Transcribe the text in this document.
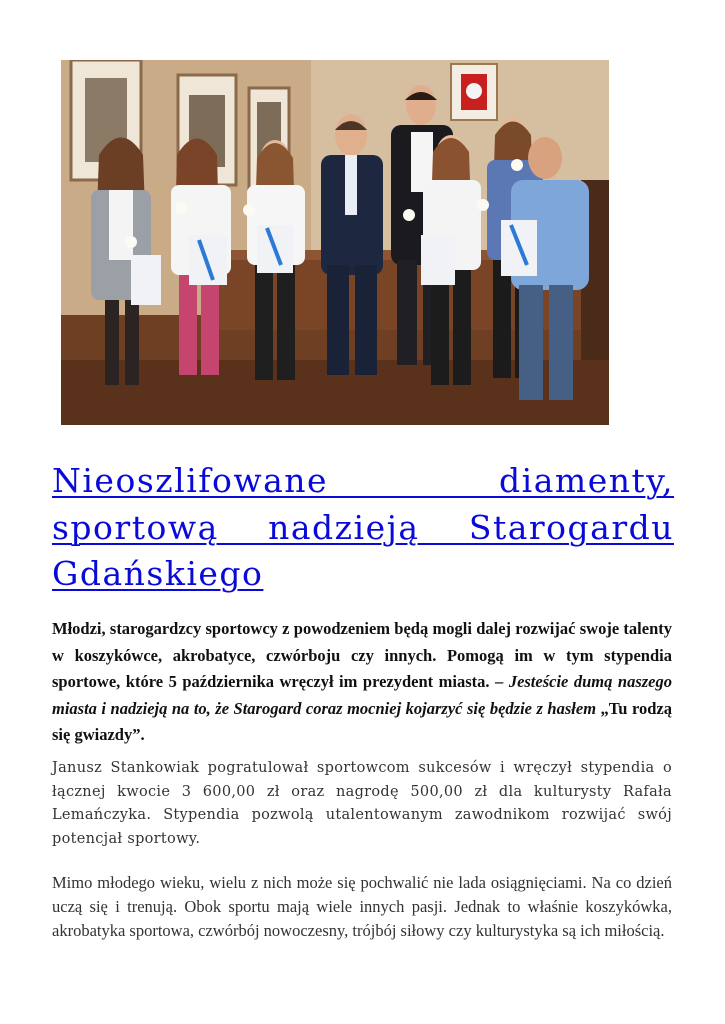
Nieoszlifowane diamenty, sportową nadzieją Starogardu Gdańskiego

Młodzi, starogardzcy sportowcy z powodzeniem będą mogli dalej rozwijać swoje talenty w koszykówce, akrobatyce, czwórboju czy innych. Pomogą im w tym stypendia sportowe, które 5 października wręczył im prezydent miasta. – Jesteście dumą naszego miasta i nadzieją na to, że Starogard coraz mocniej kojarzyć się będzie z hasłem „Tu rodzą się gwiazdy”.

Janusz Stankowiak pogratulował sportowcom sukcesów i wręczył stypendia o łącznej kwocie 3 600,00 zł oraz nagrodę 500,00 zł dla kulturysty Rafała Lemańczyka. Stypendia pozwolą utalentowanym zawodnikom rozwijać swój potencjał sportowy.

Mimo młodego wieku, wielu z nich może się pochwalić nie lada osiągnięciami. Na co dzień uczą się i trenują. Obok sportu mają wiele innych pasji. Jednak to właśnie koszykówka, akrobatyka sportowa, czwórbój nowoczesny, trójbój siłowy czy kulturystyka są ich miłością.
